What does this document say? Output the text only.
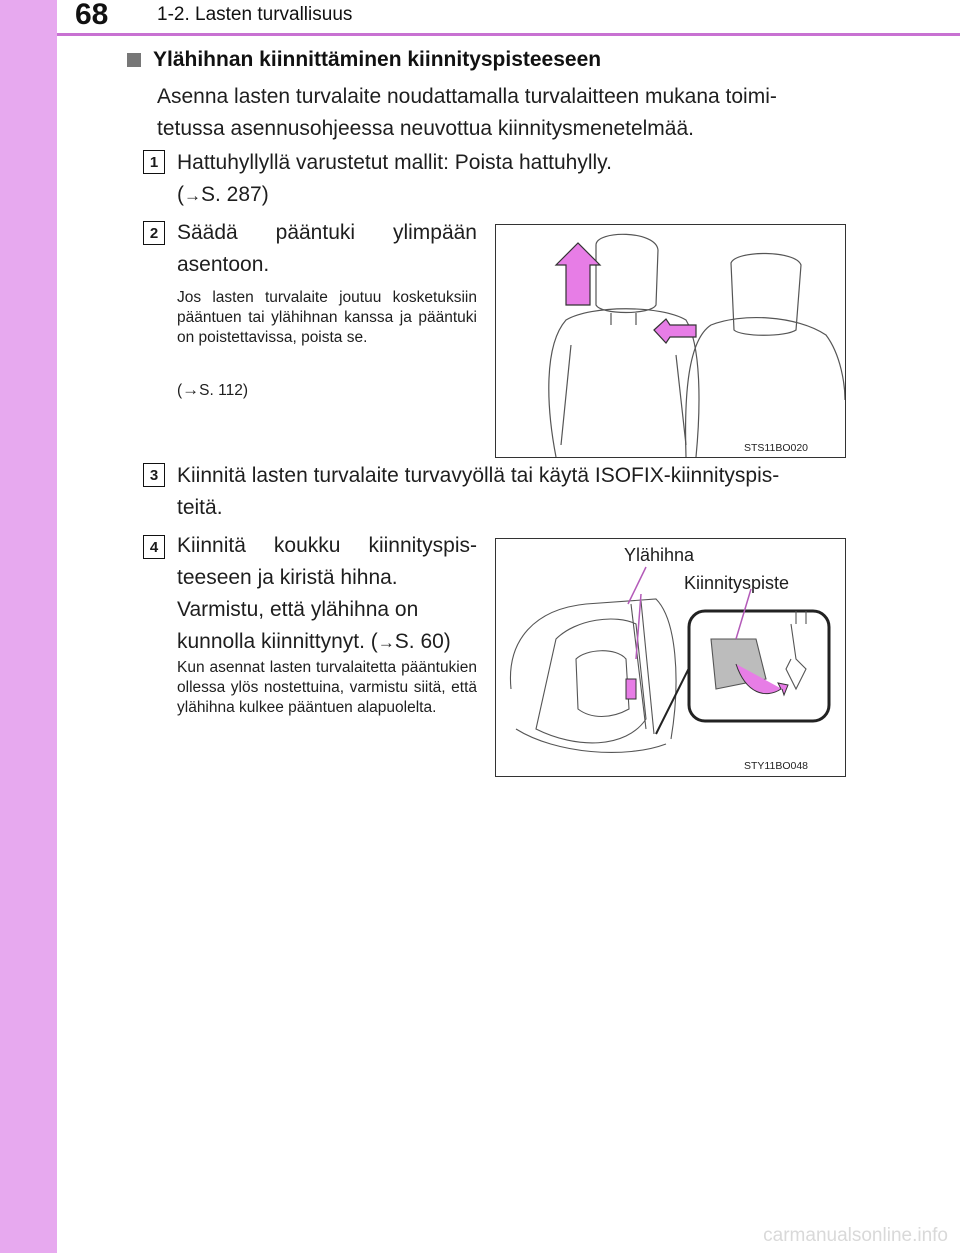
68	1-2. Lasten turvallisuus
Ylähihnan kiinnittäminen kiinnityspisteeseen
Asenna lasten turvalaite noudattamalla turvalaitteen mukana toimi-
tetussa asennusohjeessa neuvottua kiinnitysmenetelmää.
1 Hattuhyllyllä varustetut mallit: Poista hattuhylly.
(→S. 287)
2 Säädä pääntuki ylimpään asentoon.
Jos lasten turvalaite joutuu kosketuksiin pääntuen tai ylähihnan kanssa ja pääntuki on poistettavissa, poista se.
(→S. 112)
STS11BO020
3 Kiinnitä lasten turvalaite turvavyöllä tai käytä ISOFIX-kiinnityspis-
teitä.
4 Kiinnitä koukku kiinnityspisteeseen ja kiristä hihna.
Varmistu, että ylähihna on kunnolla kiinnittynyt. (→S. 60)
Kun asennat lasten turvalaitetta pääntukien ollessa ylös nostettuina, varmistu siitä, että ylähihna kulkee pääntuen alapuolelta.
Ylähihna
Kiinnityspiste
STY11BO048
carmanualsonline.info
